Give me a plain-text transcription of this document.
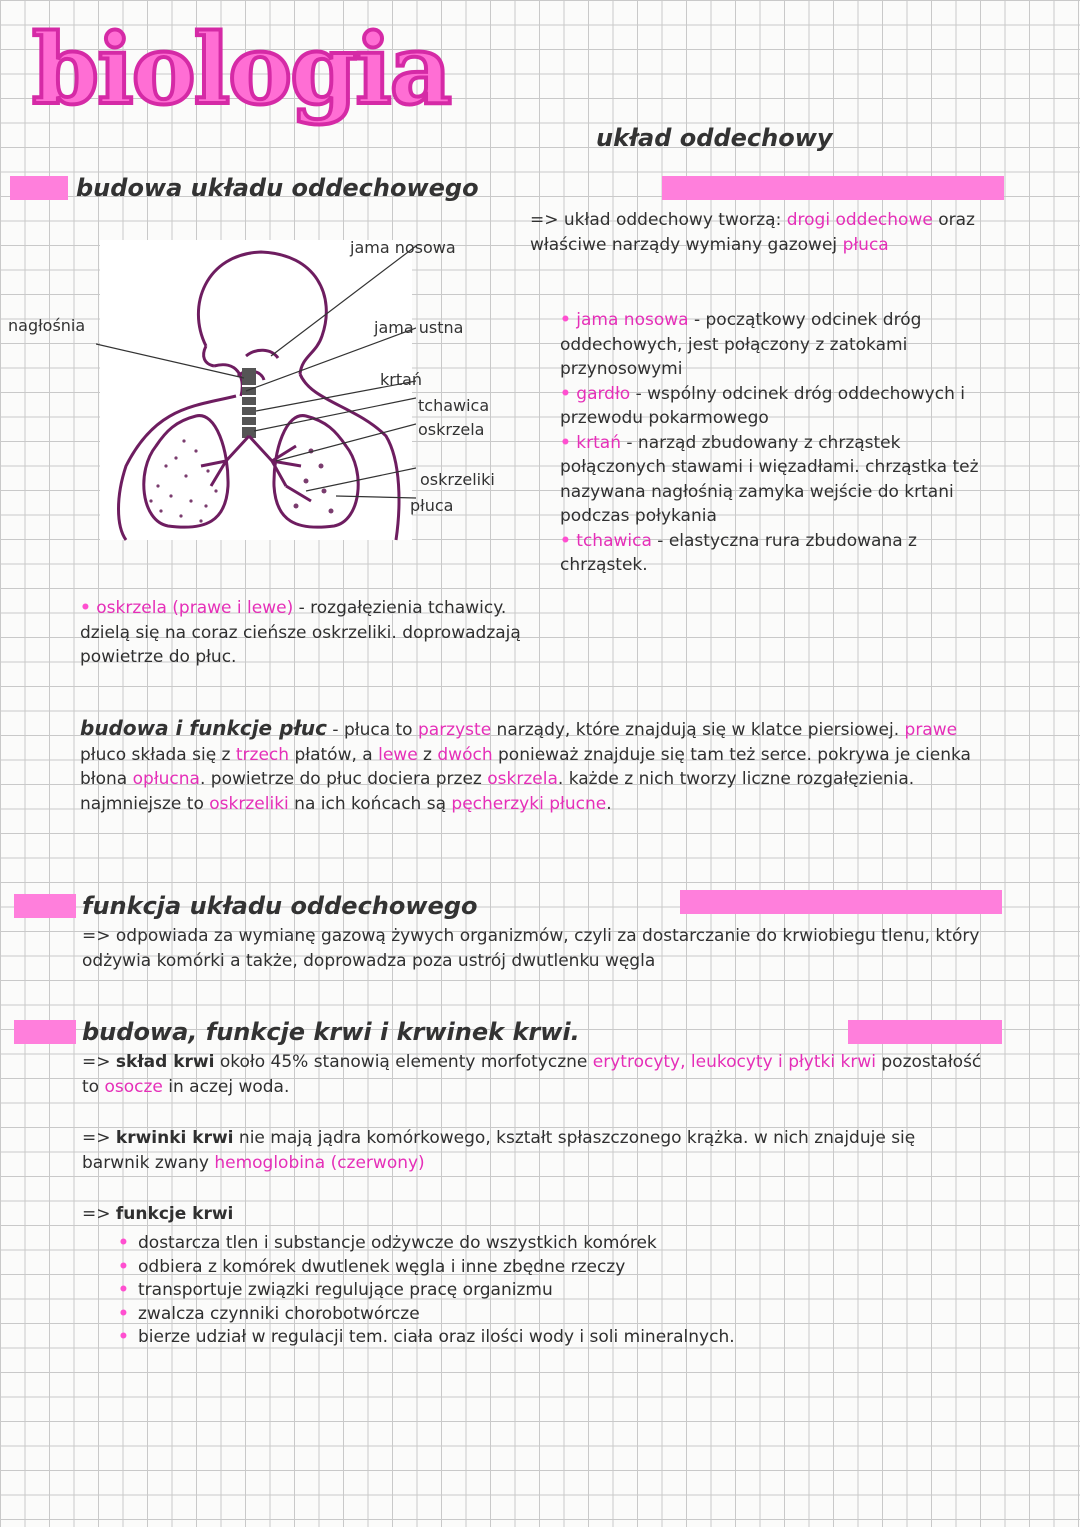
biologia
układ oddechowy
budowa układu oddechowego
=> układ oddechowy tworzą: drogi oddechowe oraz właściwe narządy wymiany gazowej płuca
nagłośnia
jama nosowa
jama ustna
krtań
tchawica
oskrzela
oskrzeliki
płuca
• jama nosowa - początkowy odcinek dróg oddechowych, jest połączony z zatokami przynosowymi
• gardło - wspólny odcinek dróg oddechowych i przewodu pokarmowego
• krtań - narząd zbudowany z chrząstek połączonych stawami i więzadłami. chrząstka też nazywana nagłośnią zamyka wejście do krtani podczas połykania
• tchawica - elastyczna rura zbudowana z chrząstek.
• oskrzela (prawe i lewe) - rozgałęzienia tchawicy. dzielą się na coraz cieńsze oskrzeliki. doprowadzają powietrze do płuc.
budowa i funkcje płuc - płuca to parzyste narządy, które znajdują się w klatce piersiowej. prawe płuco składa się z trzech płatów, a lewe z dwóch ponieważ znajduje się tam też serce. pokrywa je cienka błona opłucna. powietrze do płuc dociera przez oskrzela. każde z nich tworzy liczne rozgałęzienia. najmniejsze to oskrzeliki na ich końcach są pęcherzyki płucne.
funkcja układu oddechowego
=> odpowiada za wymianę gazową żywych organizmów, czyli za dostarczanie do krwiobiegu tlenu, który odżywia komórki a także, doprowadza poza ustrój dwutlenku węgla
budowa, funkcje krwi i krwinek krwi.
=> skład krwi około 45% stanowią elementy morfotyczne erytrocyty, leukocyty i płytki krwi pozostałość to osocze in aczej woda.
=> krwinki krwi nie mają jądra komórkowego, kształt spłaszczonego krążka. w nich znajduje się barwnik zwany hemoglobina (czerwony)
=> funkcje krwi
• dostarcza tlen i substancje odżywcze do wszystkich komórek
• odbiera z komórek dwutlenek węgla i inne zbędne rzeczy
• transportuje związki regulujące pracę organizmu
• zwalcza czynniki chorobotwórcze
• bierze udział w regulacji tem. ciała oraz ilości wody i soli mineralnych.
